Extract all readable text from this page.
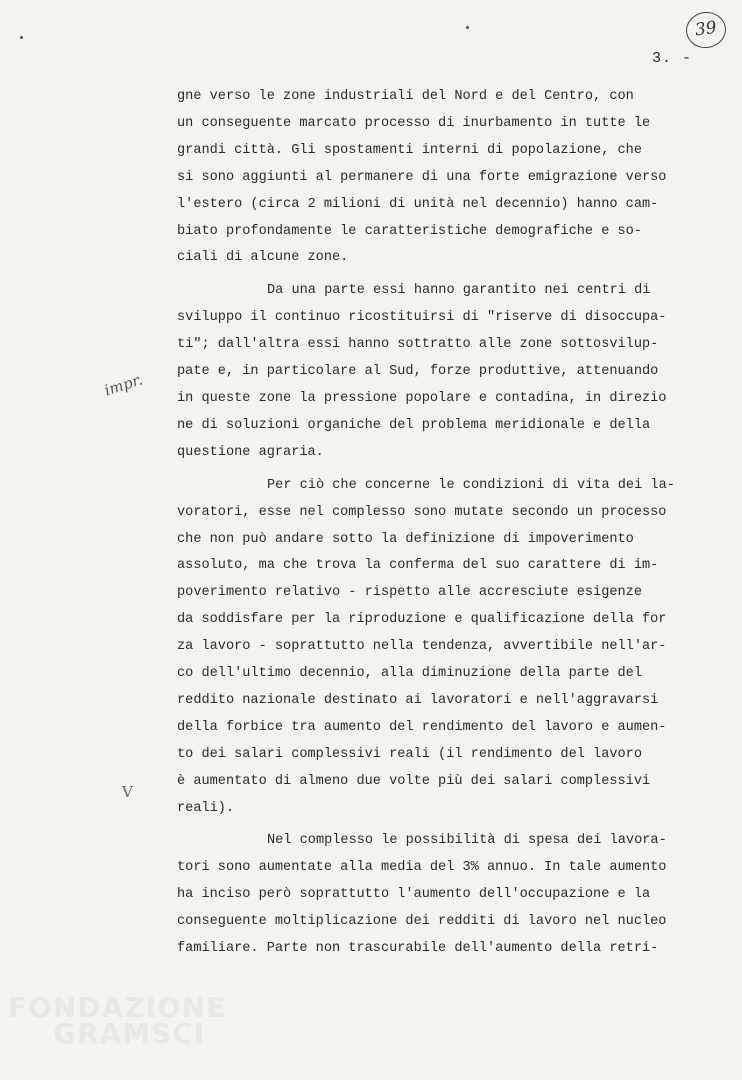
39
3. -
gne verso le zone industriali del Nord e del Centro, con
un conseguente marcato processo di inurbamento in tutte le
grandi città. Gli spostamenti interni di popolazione, che
si sono aggiunti al permanere di una forte emigrazione verso
l'estero (circa 2 milioni di unità nel decennio) hanno cam-
biato profondamente le caratteristiche demografiche e so-
ciali di alcune zone.
Da una parte essi hanno garantito nei centri di
sviluppo il continuo ricostituirsi di "riserve di disoccupa-
ti"; dall'altra essi hanno sottratto alle zone sottosvilup-
pate e, in particolare al Sud, forze produttive, attenuando
in queste zone la pressione popolare e contadina, in direzio
ne di soluzioni organiche del problema meridionale e della
questione agraria.
Per ciò che concerne le condizioni di vita dei la-
voratori, esse nel complesso sono mutate secondo un processo
che non può andare sotto la definizione di impoverimento
assoluto, ma che trova la conferma del suo carattere di im-
poverimento relativo - rispetto alle accresciute esigenze
da soddisfare per la riproduzione e qualificazione della for
za lavoro - soprattutto nella tendenza, avvertibile nell'ar-
co dell'ultimo decennio, alla diminuzione della parte del
reddito nazionale destinato ai lavoratori e nell'aggravarsi
della forbice tra aumento del rendimento del lavoro e aumen-
to dei salari complessivi reali (il rendimento del lavoro
è aumentato di almeno due volte più dei salari complessivi
reali).
Nel complesso le possibilità di spesa dei lavora-
tori sono aumentate alla media del 3% annuo. In tale aumento
ha inciso però soprattutto l'aumento dell'occupazione e la
conseguente moltiplicazione dei redditi di lavoro nel nucleo
familiare. Parte non trascurabile dell'aumento della retri-
impr.
V
FONDAZIONE
GRAMSCI
